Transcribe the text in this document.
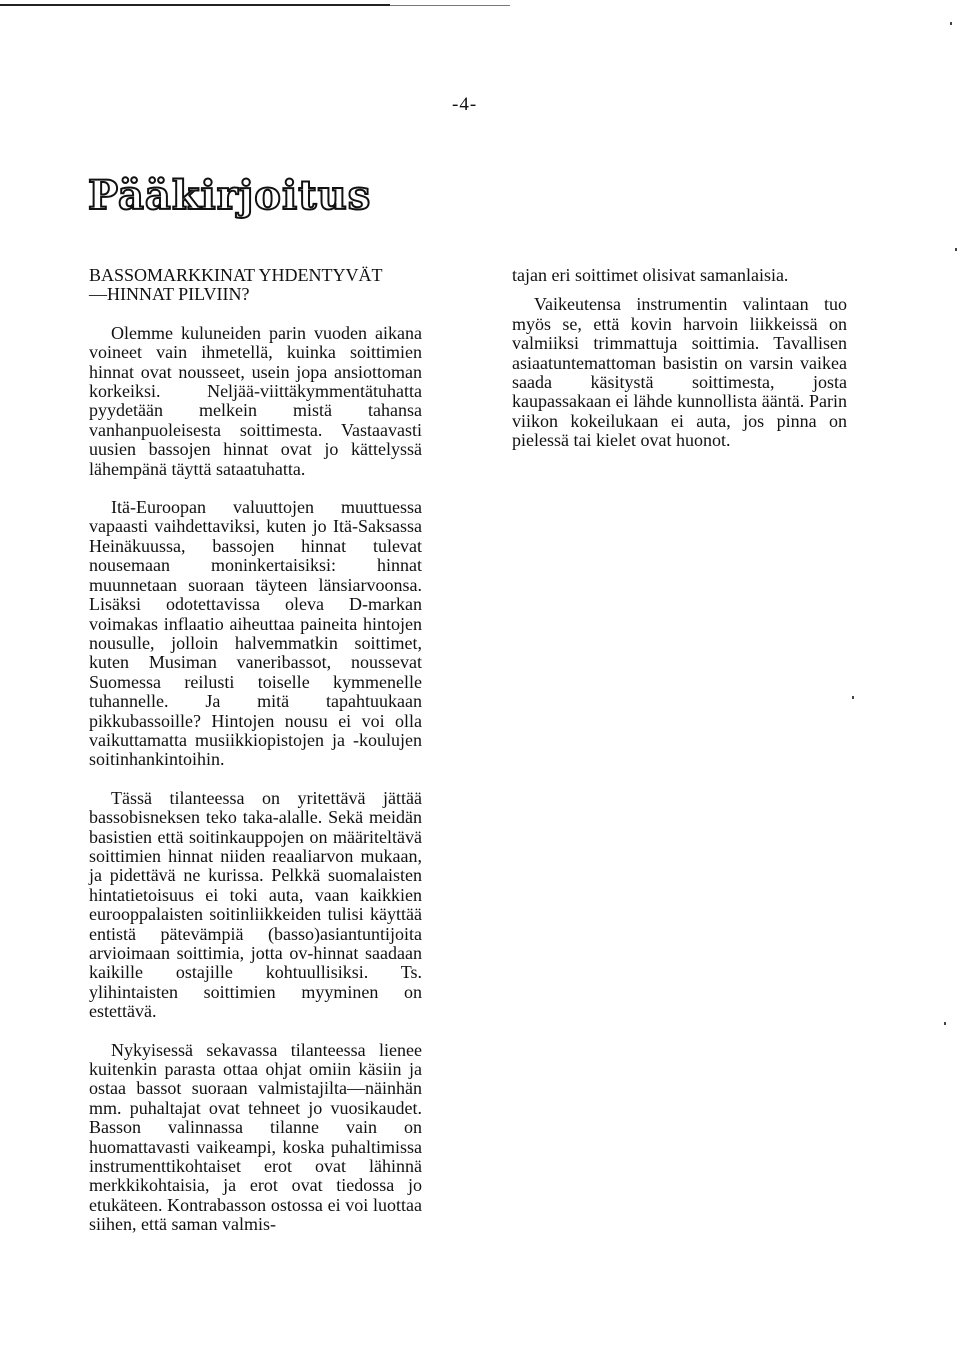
-4-
Pääkirjoitus

BASSOMARKKINAT YHDENTYVÄT
—HINNAT PILVIIN?

Olemme kuluneiden parin vuoden aikana voineet vain ihmetellä, kuinka soittimien hinnat ovat nousseet, usein jopa ansiottoman korkeiksi. Neljää-viittäkymmentätuhatta pyydetään melkein mistä tahansa vanhanpuoleisesta soittimesta. Vastaavasti uusien bassojen hinnat ovat jo kättelyssä lähempänä täyttä sataatuhatta.

Itä-Euroopan valuuttojen muuttuessa vapaasti vaihdettaviksi, kuten jo Itä-Saksassa Heinäkuussa, bassojen hinnat tulevat nousemaan moninkertaisiksi: hinnat muunnetaan suoraan täyteen länsiarvoonsa. Lisäksi odotettavissa oleva D-markan voimakas inflaatio aiheuttaa paineita hintojen nousulle, jolloin halvemmatkin soittimet, kuten Musiman vaneribassot, noussevat Suomessa reilusti toiselle kymmenelle tuhannelle. Ja mitä tapahtuukaan pikkubassoille? Hintojen nousu ei voi olla vaikuttamatta musiikkiopistojen ja -koulujen soitinhankintoihin.

Tässä tilanteessa on yritettävä jättää bassobisneksen teko taka-alalle. Sekä meidän basistien että soitinkauppojen on määriteltävä soittimien hinnat niiden reaaliarvon mukaan, ja pidettävä ne kurissa. Pelkkä suomalaisten hintatietoisuus ei toki auta, vaan kaikkien eurooppalaisten soitinliikkeiden tulisi käyttää entistä pätevämpiä (basso)asiantuntijoita arvioimaan soittimia, jotta ov-hinnat saadaan kaikille ostajille kohtuullisiksi. Ts. ylihintaisten soittimien myyminen on estettävä.

Nykyisessä sekavassa tilanteessa lienee kuitenkin parasta ottaa ohjat omiin käsiin ja ostaa bassot suoraan valmistajilta—näinhän mm. puhaltajat ovat tehneet jo vuosikaudet. Basson valinnassa tilanne vain on huomattavasti vaikeampi, koska puhaltimissa instrumenttikohtaiset erot ovat lähinnä merkkikohtaisia, ja erot ovat tiedossa jo etukäteen. Kontrabasson ostossa ei voi luottaa siihen, että saman valmis-

tajan eri soittimet olisivat samanlaisia.

Vaikeutensa instrumentin valintaan tuo myös se, että kovin harvoin liikkeissä on valmiiksi trimmattuja soittimia. Tavallisen asiaatuntemattoman basistin on varsin vaikea saada käsitystä soittimesta, josta kaupassakaan ei lähde kunnollista ääntä. Parin viikon kokeilukaan ei auta, jos pinna on pielessä tai kielet ovat huonot.
